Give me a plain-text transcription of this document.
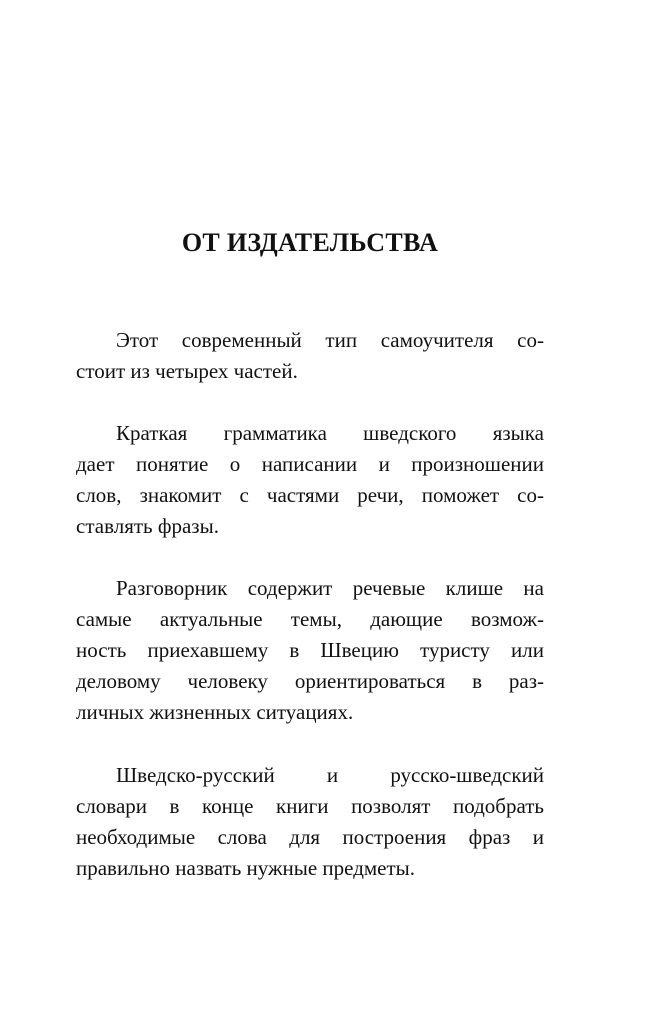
ОТ ИЗДАТЕЛЬСТВА

Этот современный тип самоучителя со-

стоит из четырех частей.

Краткая грамматика шведского языка

дает понятие о написании и произношении

слов, знакомит с частями речи, поможет со-

ставлять фразы.

Разговорник содержит речевые клише на

самые актуальные темы, дающие возмож-

ность приехавшему в Швецию туристу или

деловому человеку ориентироваться в раз-

личных жизненных ситуациях.

Шведско-русский и русско-шведский

словари в конце книги позволят подобрать

необходимые слова для построения фраз и

правильно назвать нужные предметы.
